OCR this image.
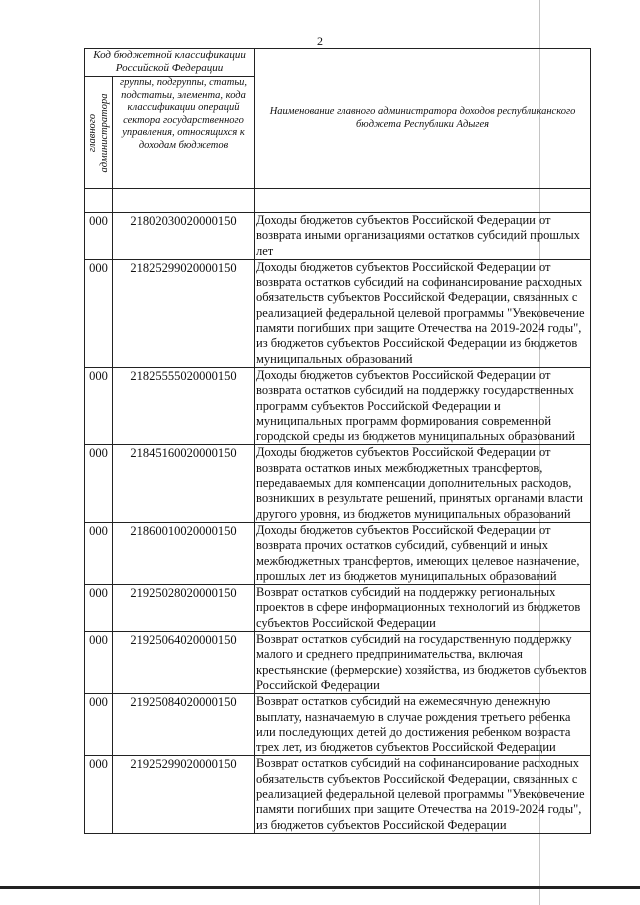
2
Код бюджетной классификации Российской Федерации		Наименование главного администратора доходов республиканского бюджета Республики Адыгея

главного администратора	группы, подгруппы, статьи, подстатьи, элемента, кода классификации операций сектора государственного управления, относящихся к доходам бюджетов	

000	21802030020000150	Доходы бюджетов субъектов Российской Федерации от возврата иными организациями остатков субсидий прошлых лет
000	21825299020000150	Доходы бюджетов субъектов Российской Федерации от возврата остатков субсидий на софинансирование расходных обязательств субъектов Российской Федерации, связанных с реализацией федеральной целевой программы "Увековечение памяти погибших при защите Отечества на 2019-2024 годы", из бюджетов субъектов Российской Федерации из бюджетов муниципальных образований
000	21825555020000150	Доходы бюджетов субъектов Российской Федерации от возврата остатков субсидий на поддержку государственных программ субъектов Российской Федерации и муниципальных программ формирования современной городской среды из бюджетов муниципальных образований
000	21845160020000150	Доходы бюджетов субъектов Российской Федерации от возврата остатков иных межбюджетных трансфертов, передаваемых для компенсации дополнительных расходов, возникших в результате решений, принятых органами власти другого уровня, из бюджетов муниципальных образований
000	21860010020000150	Доходы бюджетов субъектов Российской Федерации от возврата прочих остатков субсидий, субвенций и иных межбюджетных трансфертов, имеющих целевое назначение, прошлых лет из бюджетов муниципальных образований
000	21925028020000150	Возврат остатков субсидий на поддержку региональных проектов в сфере информационных технологий из бюджетов субъектов Российской Федерации
000	21925064020000150	Возврат остатков субсидий на государственную поддержку малого и среднего предпринимательства, включая крестьянские (фермерские) хозяйства, из бюджетов субъектов Российской Федерации
000	21925084020000150	Возврат остатков субсидий на ежемесячную денежную выплату, назначаемую в случае рождения третьего ребенка или последующих детей до достижения ребенком возраста трех лет, из бюджетов субъектов Российской Федерации
000	21925299020000150	Возврат остатков субсидий на софинансирование расходных обязательств субъектов Российской Федерации, связанных с реализацией федеральной целевой программы "Увековечение памяти погибших при защите Отечества на 2019-2024 годы", из бюджетов субъектов Российской Федерации
